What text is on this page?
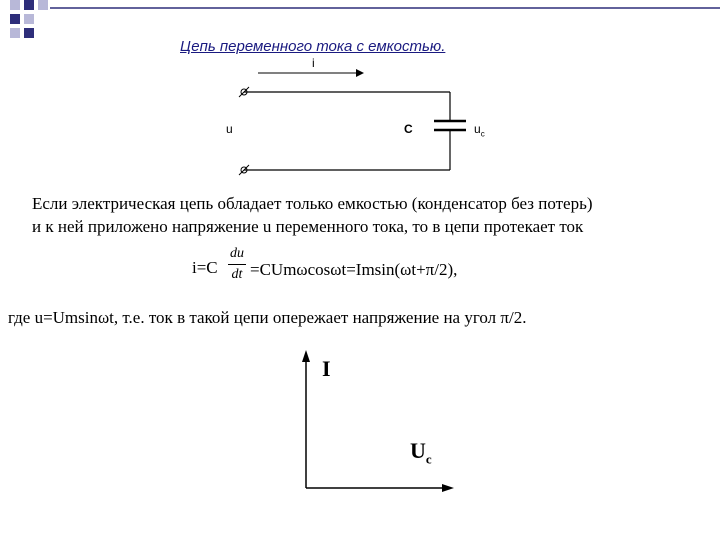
Цепь переменного тока с емкостью.
i
u	C	$u_c$
Если электрическая цепь обладает только емкостью (конденсатор без потерь)
и к ней приложено напряжение u переменного тока, то в цепи протекает ток
i=C
du
dt =CUmωcosωt=Imsin(ωt+π/2),
где u=Umsinωt, т.е. ток в такой цепи опережает напряжение на угол π/2.
I
$U_c$
